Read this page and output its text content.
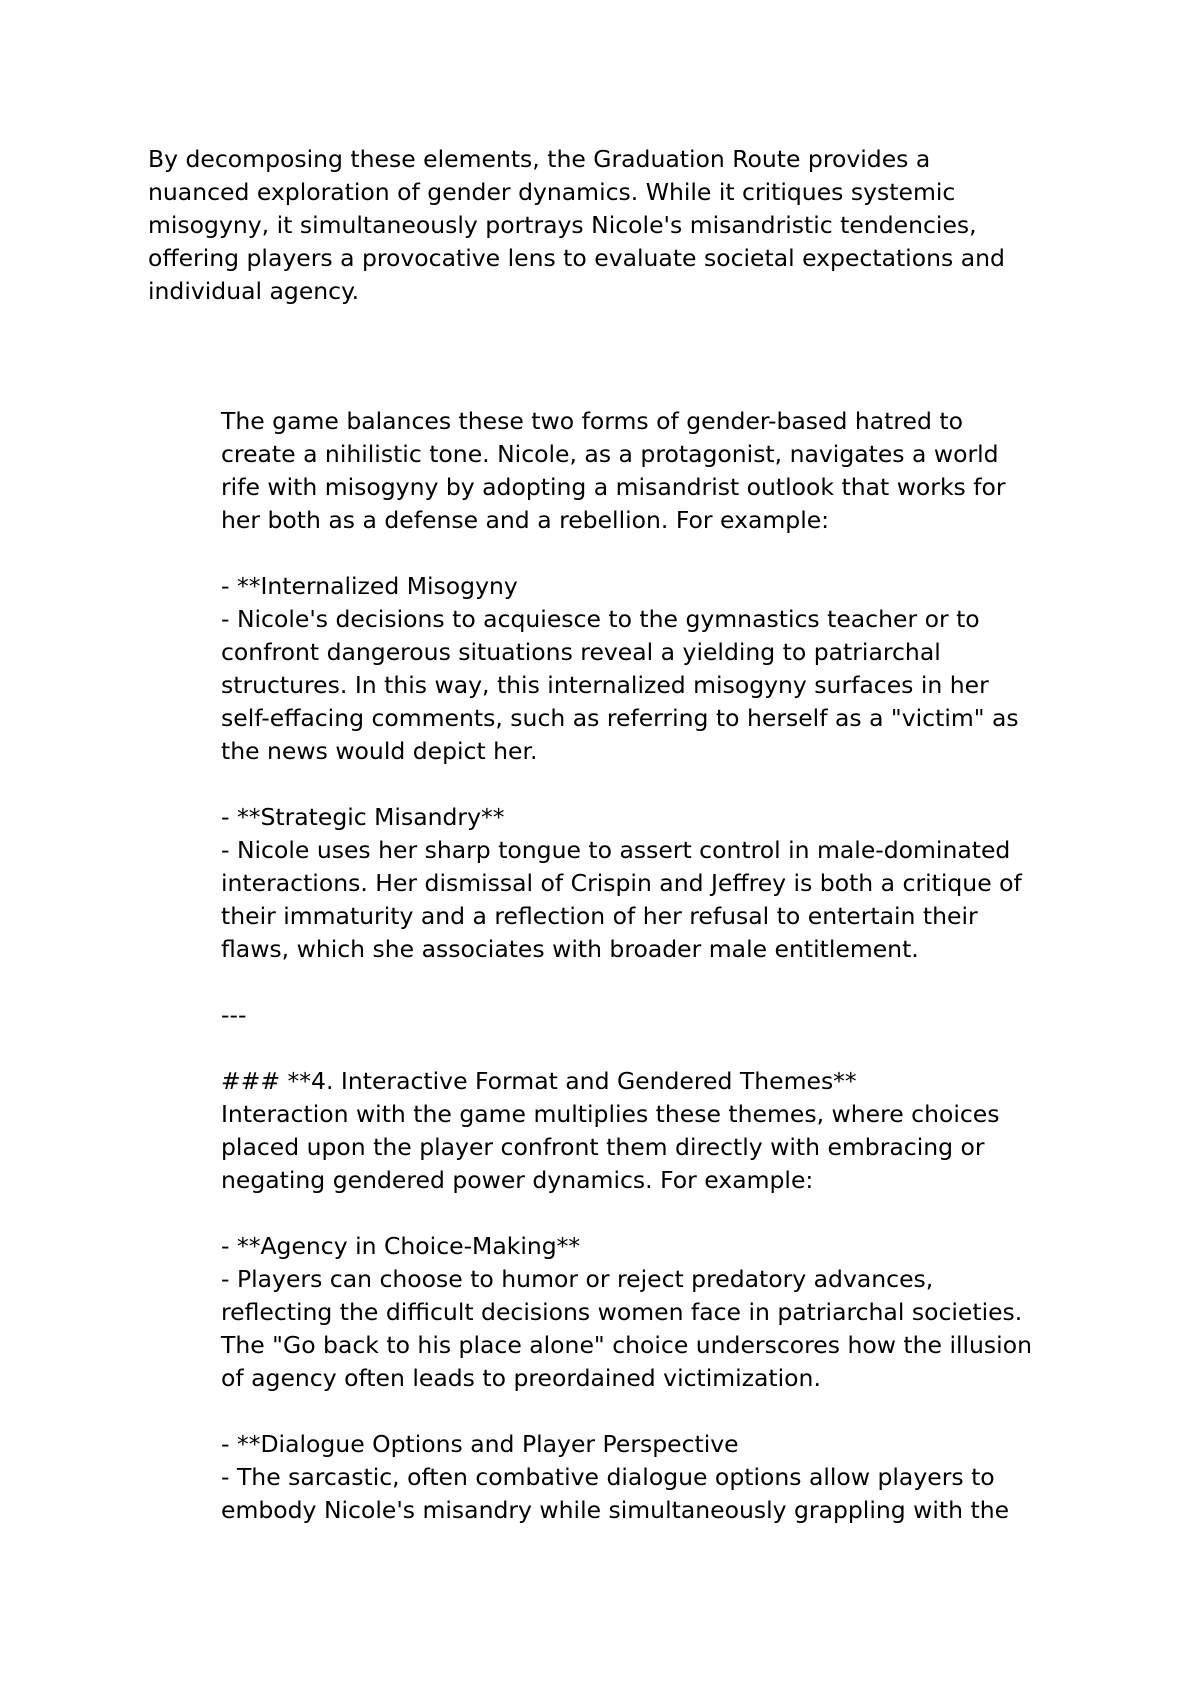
By decomposing these elements, the Graduation Route provides a

nuanced exploration of gender dynamics. While it critiques systemic

misogyny, it simultaneously portrays Nicole's misandristic tendencies,

offering players a provocative lens to evaluate societal expectations and

individual agency.

The game balances these two forms of gender-based hatred to

create a nihilistic tone. Nicole, as a protagonist, navigates a world

rife with misogyny by adopting a misandrist outlook that works for

her both as a defense and a rebellion. For example:

- **Internalized Misogyny

- Nicole's decisions to acquiesce to the gymnastics teacher or to

confront dangerous situations reveal a yielding to patriarchal

structures. In this way, this internalized misogyny surfaces in her

self-effacing comments, such as referring to herself as a "victim" as

the news would depict her.

- **Strategic Misandry**

- Nicole uses her sharp tongue to assert control in male-dominated

interactions. Her dismissal of Crispin and Jeffrey is both a critique of

their immaturity and a reflection of her refusal to entertain their

flaws, which she associates with broader male entitlement.

---

### **4. Interactive Format and Gendered Themes**

Interaction with the game multiplies these themes, where choices

placed upon the player confront them directly with embracing or

negating gendered power dynamics. For example:

- **Agency in Choice-Making**

- Players can choose to humor or reject predatory advances,

reflecting the difficult decisions women face in patriarchal societies.

The "Go back to his place alone" choice underscores how the illusion

of agency often leads to preordained victimization.

- **Dialogue Options and Player Perspective

- The sarcastic, often combative dialogue options allow players to

embody Nicole's misandry while simultaneously grappling with the
